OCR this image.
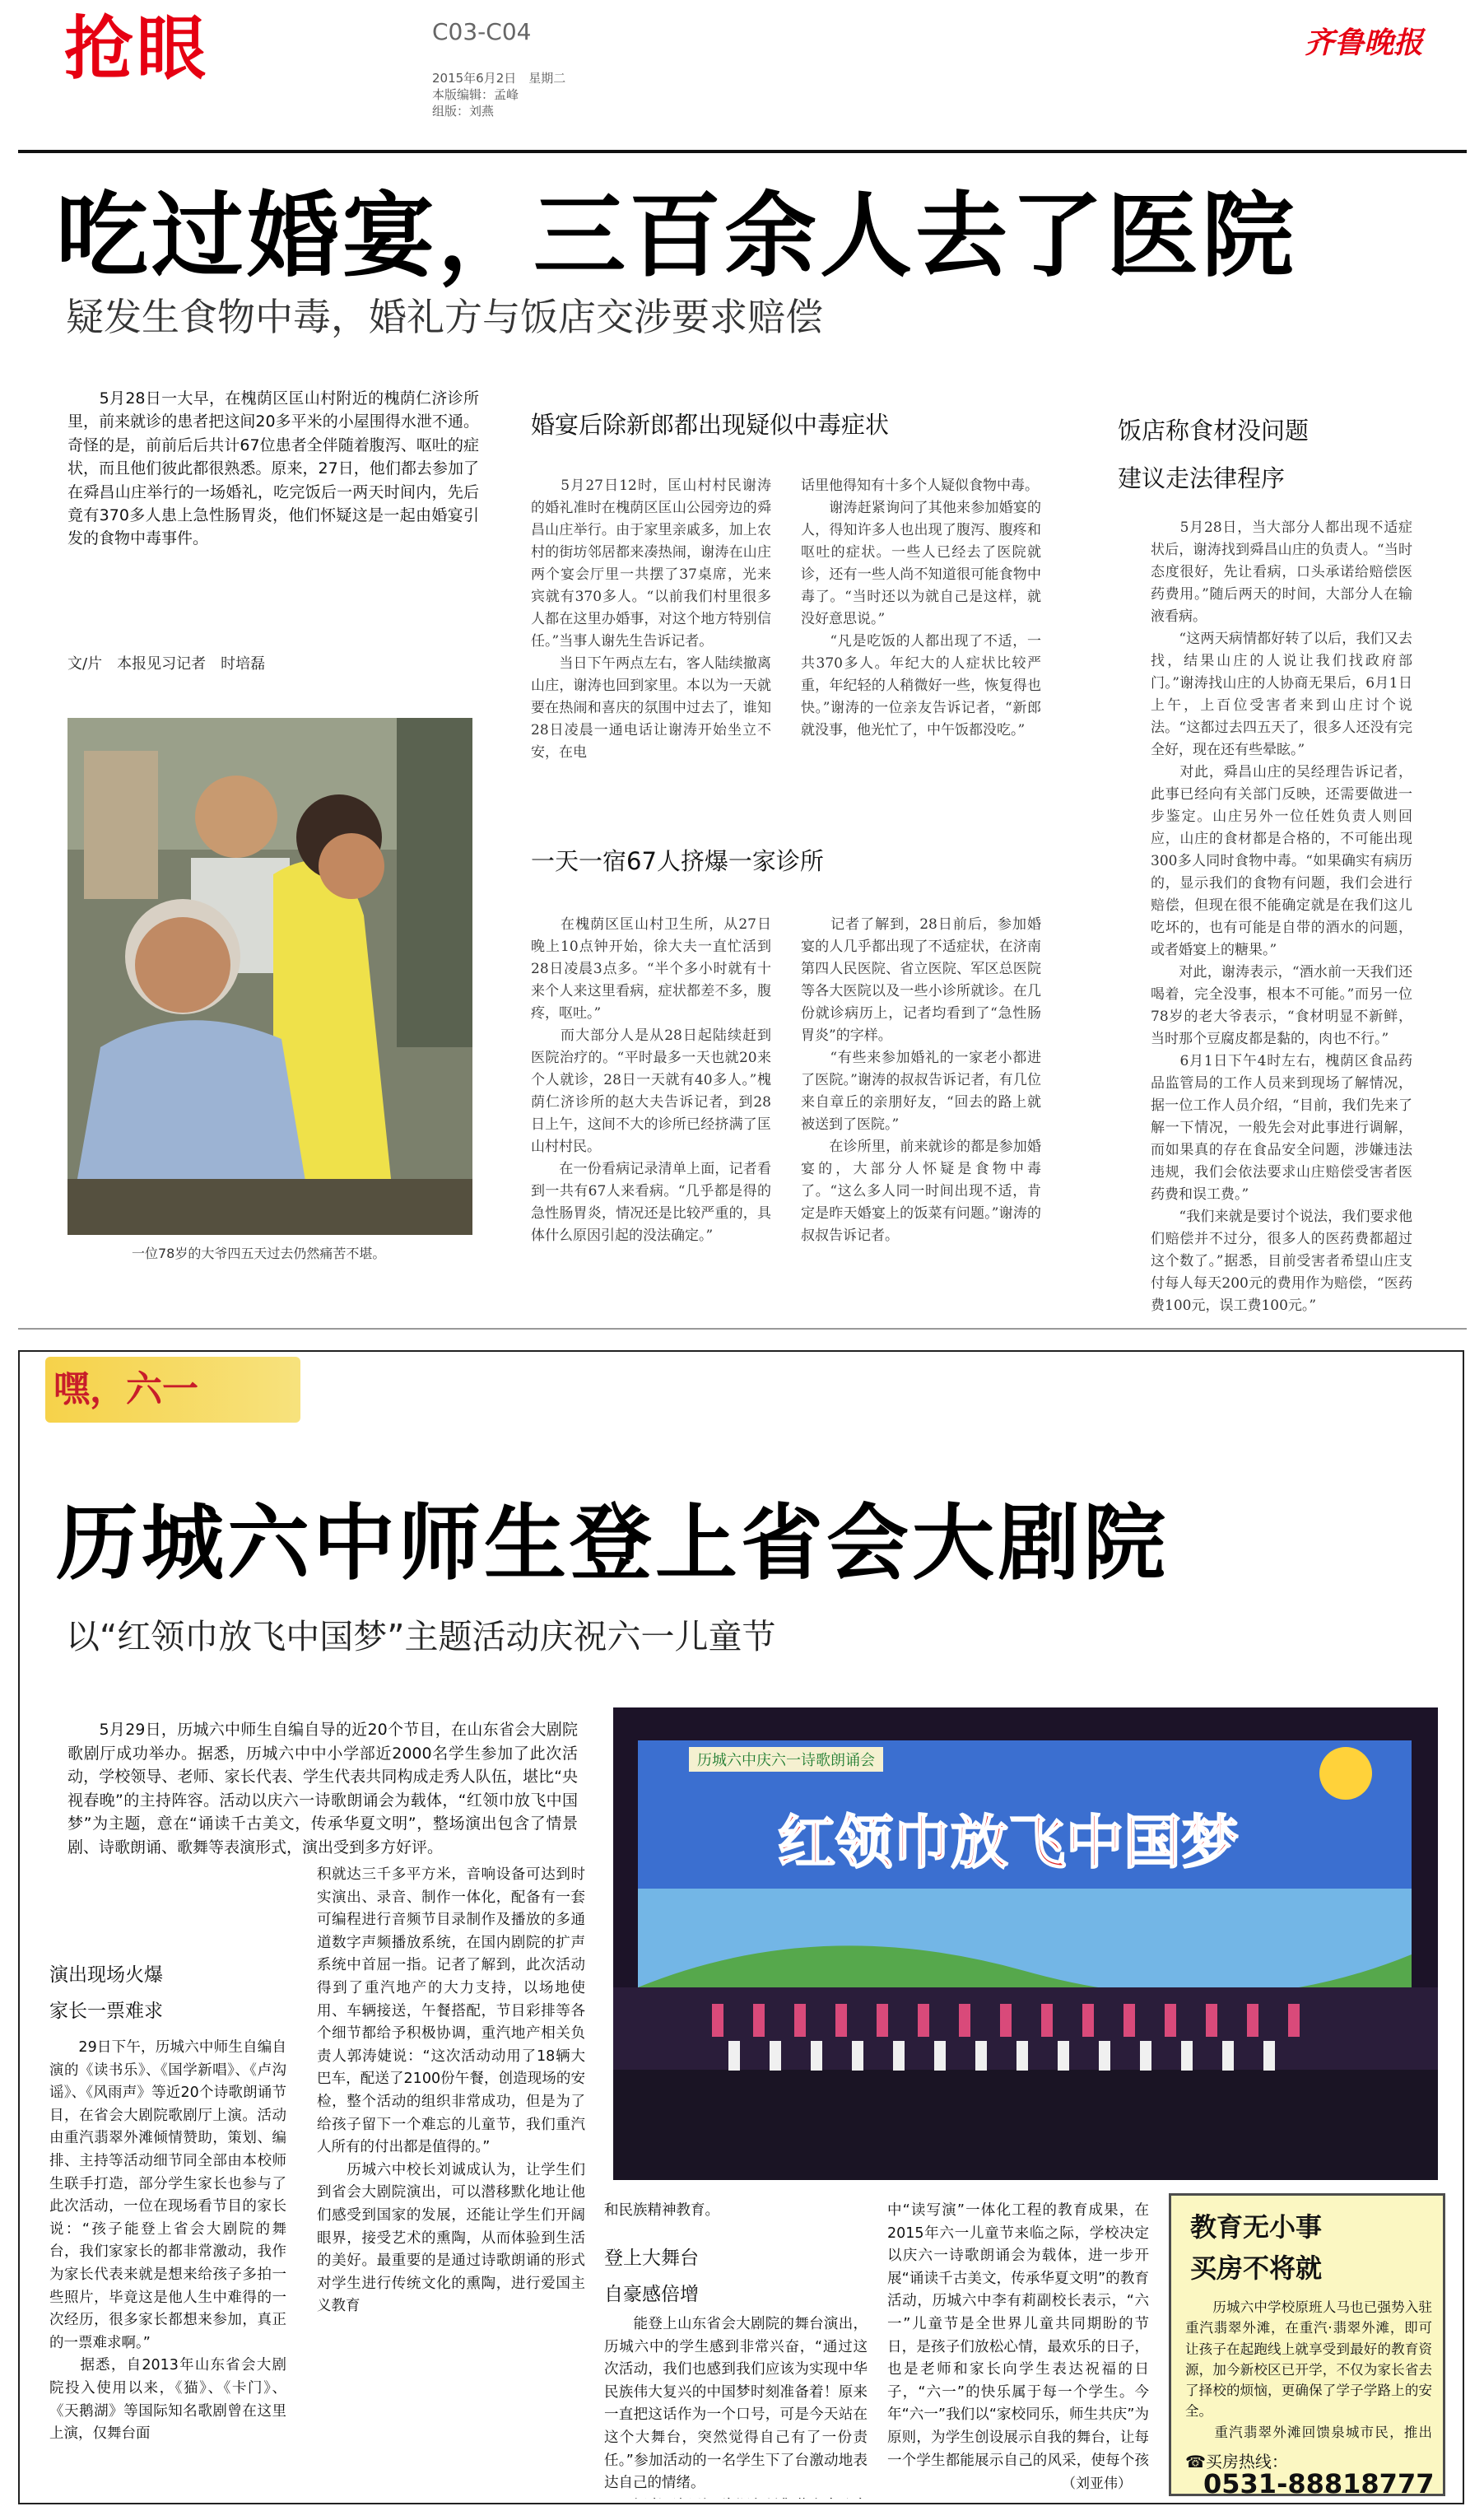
抢眼	C03-C04
2015年6月2日　星期二
本版编辑：孟峰
组版：刘燕
齐鲁晚报
吃过婚宴，三百余人去了医院
疑发生食物中毒，婚礼方与饭店交涉要求赔偿
　　5月28日一大早，在槐荫区匡山村附近的槐荫仁济诊所里，前来就诊的患者把这间20多平米的小屋围得水泄不通。奇怪的是，前前后后共计67位患者全伴随着腹泻、呕吐的症状，而且他们彼此都很熟悉。原来，27日，他们都去参加了在舜昌山庄举行的一场婚礼，吃完饭后一两天时间内，先后竟有370多人患上急性肠胃炎，他们怀疑这是一起由婚宴引发的食物中毒事件。
文/片　本报见习记者　时培磊
一位78岁的大爷四五天过去仍然痛苦不堪。
婚宴后除新郎都出现疑似中毒症状
　　5月27日12时，匡山村村民谢涛的婚礼准时在槐荫区匡山公园旁边的舜昌山庄举行。由于家里亲戚多，加上农村的街坊邻居都来凑热闹，谢涛在山庄两个宴会厅里一共摆了37桌席，光来宾就有370多人。“以前我们村里很多人都在这里办婚事，对这个地方特别信任。”当事人谢先生告诉记者。
　　当日下午两点左右，客人陆续撤离山庄，谢涛也回到家里。本以为一天就要在热闹和喜庆的氛围中过去了，谁知28日凌晨一通电话让谢涛开始坐立不安，在电
话里他得知有十多个人疑似食物中毒。
　　谢涛赶紧询问了其他来参加婚宴的人，得知许多人也出现了腹泻、腹疼和呕吐的症状。一些人已经去了医院就诊，还有一些人尚不知道很可能食物中毒了。“当时还以为就自己是这样，就没好意思说。”
　　“凡是吃饭的人都出现了不适，一共370多人。年纪大的人症状比较严重，年纪轻的人稍微好一些，恢复得也快。”谢涛的一位亲友告诉记者，“新郎就没事，他光忙了，中午饭都没吃。”
一天一宿67人挤爆一家诊所
　　在槐荫区匡山村卫生所，从27日晚上10点钟开始，徐大夫一直忙活到28日凌晨3点多。“半个多小时就有十来个人来这里看病，症状都差不多，腹疼，呕吐。”
　　而大部分人是从28日起陆续赶到医院治疗的。“平时最多一天也就20来个人就诊，28日一天就有40多人。”槐荫仁济诊所的赵大夫告诉记者，到28日上午，这间不大的诊所已经挤满了匡山村村民。
　　在一份看病记录清单上面，记者看到一共有67人来看病。“几乎都是得的急性肠胃炎，情况还是比较严重的，具体什么原因引起的没法确定。”
　　记者了解到，28日前后，参加婚宴的人几乎都出现了不适症状，在济南第四人民医院、省立医院、军区总医院等各大医院以及一些小诊所就诊。在几份就诊病历上，记者均看到了“急性肠胃炎”的字样。
　　“有些来参加婚礼的一家老小都进了医院。”谢涛的叔叔告诉记者，有几位来自章丘的亲朋好友，“回去的路上就被送到了医院。”
　　在诊所里，前来就诊的都是参加婚宴的，大部分人怀疑是食物中毒了。“这么多人同一时间出现不适，肯定是昨天婚宴上的饭菜有问题。”谢涛的叔叔告诉记者。
饭店称食材没问题
建议走法律程序
　　5月28日，当大部分人都出现不适症状后，谢涛找到舜昌山庄的负责人。“当时态度很好，先让看病，口头承诺给赔偿医药费用。”随后两天的时间，大部分人在输液看病。
　　“这两天病情都好转了以后，我们又去找，结果山庄的人说让我们找政府部门。”谢涛找山庄的人协商无果后，6月1日上午，上百位受害者来到山庄讨个说法。“这都过去四五天了，很多人还没有完全好，现在还有些晕眩。”
　　对此，舜昌山庄的吴经理告诉记者，此事已经向有关部门反映，还需要做进一步鉴定。山庄另外一位任姓负责人则回应，山庄的食材都是合格的，不可能出现300多人同时食物中毒。“如果确实有病历的，显示我们的食物有问题，我们会进行赔偿，但现在很不能确定就是在我们这儿吃坏的，也有可能是自带的酒水的问题，或者婚宴上的糖果。”
　　对此，谢涛表示，“酒水前一天我们还喝着，完全没事，根本不可能。”而另一位78岁的老大爷表示，“食材明显不新鲜，当时那个豆腐皮都是黏的，肉也不行。”
　　6月1日下午4时左右，槐荫区食品药品监管局的工作人员来到现场了解情况，据一位工作人员介绍，“目前，我们先来了解一下情况，一般先会对此事进行调解，而如果真的存在食品安全问题，涉嫌违法违规，我们会依法要求山庄赔偿受害者医药费和误工费。”
　　“我们来就是要讨个说法，我们要求他们赔偿并不过分，很多人的医药费都超过这个数了。”据悉，目前受害者希望山庄支付每人每天200元的费用作为赔偿，“医药费100元，误工费100元。”
嘿，六一
历城六中师生登上省会大剧院
以“红领巾放飞中国梦”主题活动庆祝六一儿童节
　　5月29日，历城六中师生自编自导的近20个节目，在山东省会大剧院歌剧厅成功举办。据悉，历城六中中小学部近2000名学生参加了此次活动，学校领导、老师、家长代表、学生代表共同构成走秀人队伍，堪比“央视春晚”的主持阵容。活动以庆六一诗歌朗诵会为载体，“红领巾放飞中国梦”为主题，意在“诵读千古美文，传承华夏文明”，整场演出包含了情景剧、诗歌朗诵、歌舞等表演形式，演出受到多方好评。
历城六中庆六一诗歌朗诵会
红领巾放飞中国梦
演出现场火爆
家长一票难求
　　29日下午，历城六中师生自编自演的《读书乐》、《国学新唱》、《卢沟谣》、《风雨声》等近20个诗歌朗诵节目，在省会大剧院歌剧厅上演。活动由重汽翡翠外滩倾情赞助，策划、编排、主持等活动细节同全部由本校师生联手打造，部分学生家长也参与了此次活动，一位在现场看节目的家长说：“孩子能登上省会大剧院的舞台，我们家家长的都非常激动，我作为家长代表来就是想来给孩子多拍一些照片，毕竟这是他人生中难得的一次经历，很多家长都想来参加，真正的一票难求啊。”
　　据悉，自2013年山东省会大剧院投入使用以来，《猫》、《卡门》、《天鹅湖》等国际知名歌剧曾在这里上演，仅舞台面
积就达三千多平方米，音响设备可达到时实演出、录音、制作一体化，配备有一套可编程进行音频节目录制作及播放的多通道数字声频播放系统，在国内剧院的扩声系统中首屈一指。记者了解到，此次活动得到了重汽地产的大力支持，以场地使用、车辆接送，午餐搭配，节目彩排等各个细节都给予积极协调，重汽地产相关负责人郭涛婕说：“这次活动动用了18辆大巴车，配送了2100份午餐，创造现场的安检，整个活动的组织非常成功，但是为了给孩子留下一个难忘的儿童节，我们重汽人所有的付出都是值得的。”
　　历城六中校长刘诚成认为，让学生们到省会大剧院演出，可以潜移默化地让他们感受到国家的发展，还能让学生们开阔眼界，接受艺术的熏陶，从而体验到生活的美好。最重要的是通过诗歌朗诵的形式对学生进行传统文化的熏陶，进行爱国主义教育
和民族精神教育。
登上大舞台
自豪感倍增
　　能登上山东省会大剧院的舞台演出，历城六中的学生感到非常兴奋，“通过这次活动，我们也感到我们应该为实现中华民族伟大复兴的中国梦时刻准备着！原来一直把这话作为一个口号，可是今天站在这个大舞台，突然觉得自己有了一份责任。”参加活动的一名学生下了台激动地表达自己的情绪。

中“读写演”一体化工程的教育成果，在2015年六一儿童节来临之际，学校决定以庆六一诗歌朗诵会为载体，进一步开展“诵读千古美文，传承华夏文明”的教育活动，历城六中李有莉副校长表示，“六一”儿童节是全世界儿童共同期盼的节日，是孩子们放松心情，最欢乐的日子，也是老师和家长向学生表达祝福的日子，“六一”的快乐属于每一个学生。今年“六一”我们以“家校同乐，师生共庆”为原则，为学生创设展示自我的舞台，让每一个学生都能展示自己的风采，使每个孩
（刘亚伟）
教育无小事
买房不将就
　　历城六中学校原班人马也已强势入驻重汽翡翠外滩，在重汽·翡翠外滩，即可让孩子在起跑线上就享受到最好的教育资源，加今新校区已开学，不仅为家长省去了择校的烦恼，更确保了学子学路上的安全。
　　重汽翡翠外滩回馈泉城市民，推出
☎买房热线：
0531-88818777
